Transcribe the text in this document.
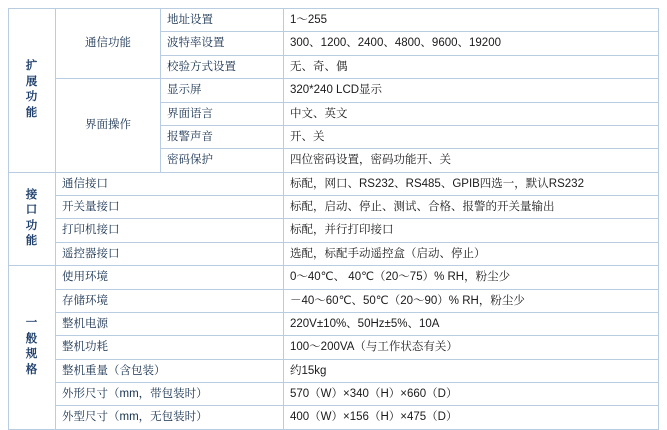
扩展功能	通信功能	地址设置	1～255
		波特率设置	300、1200、2400、4800、9600、19200
		校验方式设置	无、奇、偶
	界面操作	显示屏	320*240 LCD显示
		界面语言	中文、英文
		报警声音	开、关
		密码保护	四位密码设置，密码功能开、关

接口功能	通信接口		标配，网口、RS232、RS485、GPIB四选一，默认RS232
	开关量接口		标配，启动、停止、测试、合格、报警的开关量输出
	打印机接口		标配，并行打印接口
	遥控器接口		选配，标配手动遥控盒（启动、停止）

一般规格	使用环境		0～40℃、 40℃（20～75）% RH，粉尘少
	存储环境		－40～60℃、50℃（20～90）% RH，粉尘少
	整机电源		220V±10%、50Hz±5%、10A
	整机功耗		100～200VA（与工作状态有关）
	整机重量（含包装）		约15kg
	外形尺寸（mm，带包装时）		570（W）×340（H）×660（D）
	外型尺寸（mm，无包装时）		400（W）×156（H）×475（D）
